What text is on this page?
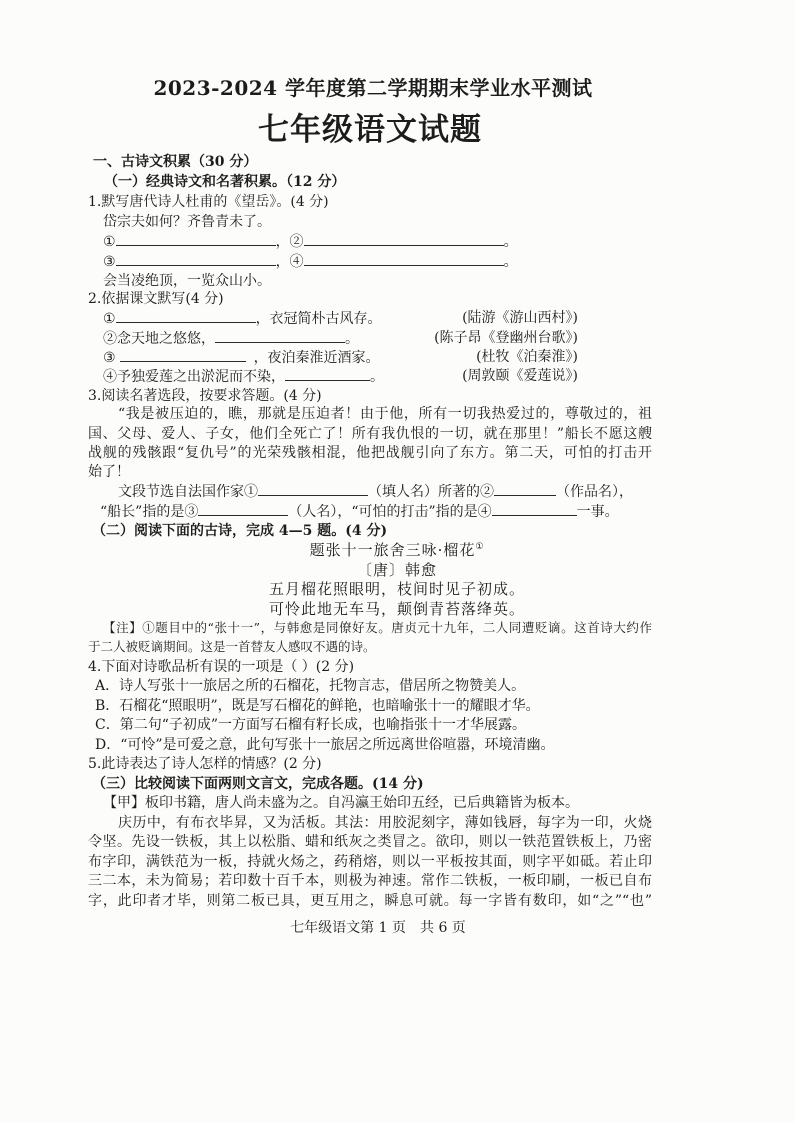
2023-2024 学年度第二学期期末学业水平测试
七年级语文试题
一、古诗文积累（30 分）
（一）经典诗文和名著积累。（12 分）
1.默写唐代诗人杜甫的《望岳》。(4 分)
岱宗夫如何？齐鲁青未了。
①	，②	。
③	，④	。
会当凌绝顶，一览众山小。
2.依据课文默写(4 分)
①	，衣冠简朴古风存。	(陆游《游山西村》)
②念天地之悠悠，	。	(陈子昂《登幽州台歌》)
③	，夜泊秦淮近酒家。	(杜牧《泊秦淮》)
④予独爱莲之出淤泥而不染，	。	(周敦颐《爱莲说》)
3.阅读名著选段，按要求答题。(4 分)
“我是被压迫的，瞧，那就是压迫者！由于他，所有一切我热爱过的，尊敬过的，祖
国、父母、爱人、子女，他们全死亡了！所有我仇恨的一切，就在那里！”船长不愿这艘
战舰的残骸跟“复仇号”的光荣残骸相混，他把战舰引向了东方。第二天，可怕的打击开
始了！
文段节选自法国作家①	（填人名）所著的②	（作品名），
“船长”指的是③	（人名），“可怕的打击”指的是④	一事。
（二）阅读下面的古诗，完成 4—5 题。(4 分)
题张十一旅舍三咏·榴花①
〔唐〕韩愈
五月榴花照眼明，枝间时见子初成。
可怜此地无车马，颠倒青苔落绛英。
【注】①题目中的“张十一”，与韩愈是同僚好友。唐贞元十九年，二人同遭贬谪。这首诗大约作
于二人被贬谪期间。这是一首替友人感叹不遇的诗。
4.下面对诗歌品析有误的一项是（ ）(2 分)
A．诗人写张十一旅居之所的石榴花，托物言志，借居所之物赞美人。
B．石榴花“照眼明”，既是写石榴花的鲜艳，也暗喻张十一的耀眼才华。
C．第二句“子初成”一方面写石榴有籽长成，也喻指张十一才华展露。
D．“可怜”是可爱之意，此句写张十一旅居之所远离世俗喧嚣，环境清幽。
5.此诗表达了诗人怎样的情感？(2 分)
（三）比较阅读下面两则文言文，完成各题。(14 分)
【甲】板印书籍，唐人尚未盛为之。自冯瀛王始印五经，已后典籍皆为板本。
庆历中，有布衣毕昇，又为活板。其法：用胶泥刻字，薄如钱唇，每字为一印，火烧
令坚。先设一铁板，其上以松脂、蜡和纸灰之类冒之。欲印，则以一铁范置铁板上，乃密
布字印，满铁范为一板，持就火炀之，药稍熔，则以一平板按其面，则字平如砥。若止印
三二本，未为简易；若印数十百千本，则极为神速。常作二铁板，一板印刷，一板已自布
字，此印者才毕，则第二板已具，更互用之，瞬息可就。每一字皆有数印，如“之”“也”
七年级语文第 1 页　共 6 页
